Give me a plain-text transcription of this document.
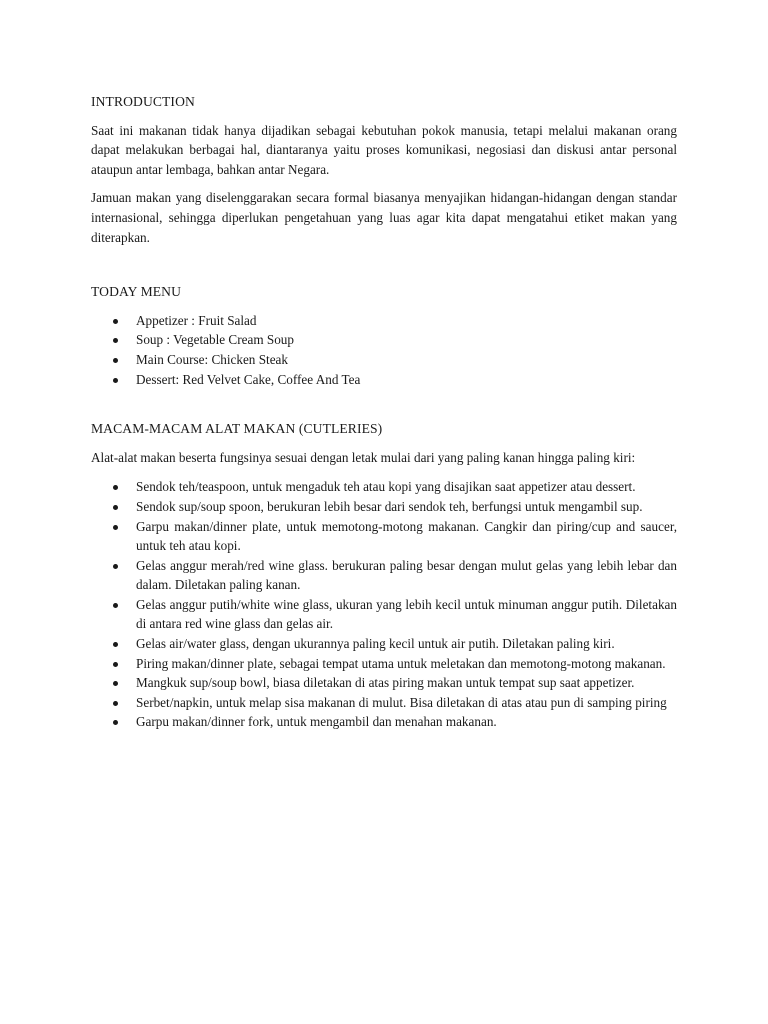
INTRODUCTION

Saat ini makanan tidak hanya dijadikan sebagai kebutuhan pokok manusia, tetapi melalui makanan orang dapat melakukan berbagai hal, diantaranya yaitu proses komunikasi, negosiasi dan diskusi antar personal ataupun antar lembaga, bahkan antar Negara.

Jamuan makan yang diselenggarakan secara formal biasanya menyajikan hidangan-hidangan dengan standar internasional, sehingga diperlukan pengetahuan yang luas agar kita dapat mengatahui etiket makan yang diterapkan.

TODAY MENU

Appetizer : Fruit Salad
Soup : Vegetable Cream Soup
Main Course: Chicken Steak
Dessert: Red Velvet Cake, Coffee And Tea

MACAM-MACAM ALAT MAKAN (CUTLERIES)

Alat-alat makan beserta fungsinya sesuai dengan letak mulai dari yang paling kanan hingga paling kiri:

Sendok teh/teaspoon, untuk mengaduk teh atau kopi yang disajikan saat appetizer atau dessert.
Sendok sup/soup spoon, berukuran lebih besar dari sendok teh, berfungsi untuk mengambil sup.
Garpu makan/dinner plate, untuk memotong-motong makanan. Cangkir dan piring/cup and saucer, untuk teh atau kopi.
Gelas anggur merah/red wine glass. berukuran paling besar dengan mulut gelas yang lebih lebar dan dalam. Diletakan paling kanan.
Gelas anggur putih/white wine glass, ukuran yang lebih kecil untuk minuman anggur putih. Diletakan di antara red wine glass dan gelas air.
Gelas air/water glass, dengan ukurannya paling kecil untuk air putih. Diletakan paling kiri.
Piring makan/dinner plate, sebagai tempat utama untuk meletakan dan memotong-motong makanan.
Mangkuk sup/soup bowl, biasa diletakan di atas piring makan untuk tempat sup saat appetizer.
Serbet/napkin, untuk melap sisa makanan di mulut. Bisa diletakan di atas atau pun di samping piring
Garpu makan/dinner fork, untuk mengambil dan menahan makanan.
